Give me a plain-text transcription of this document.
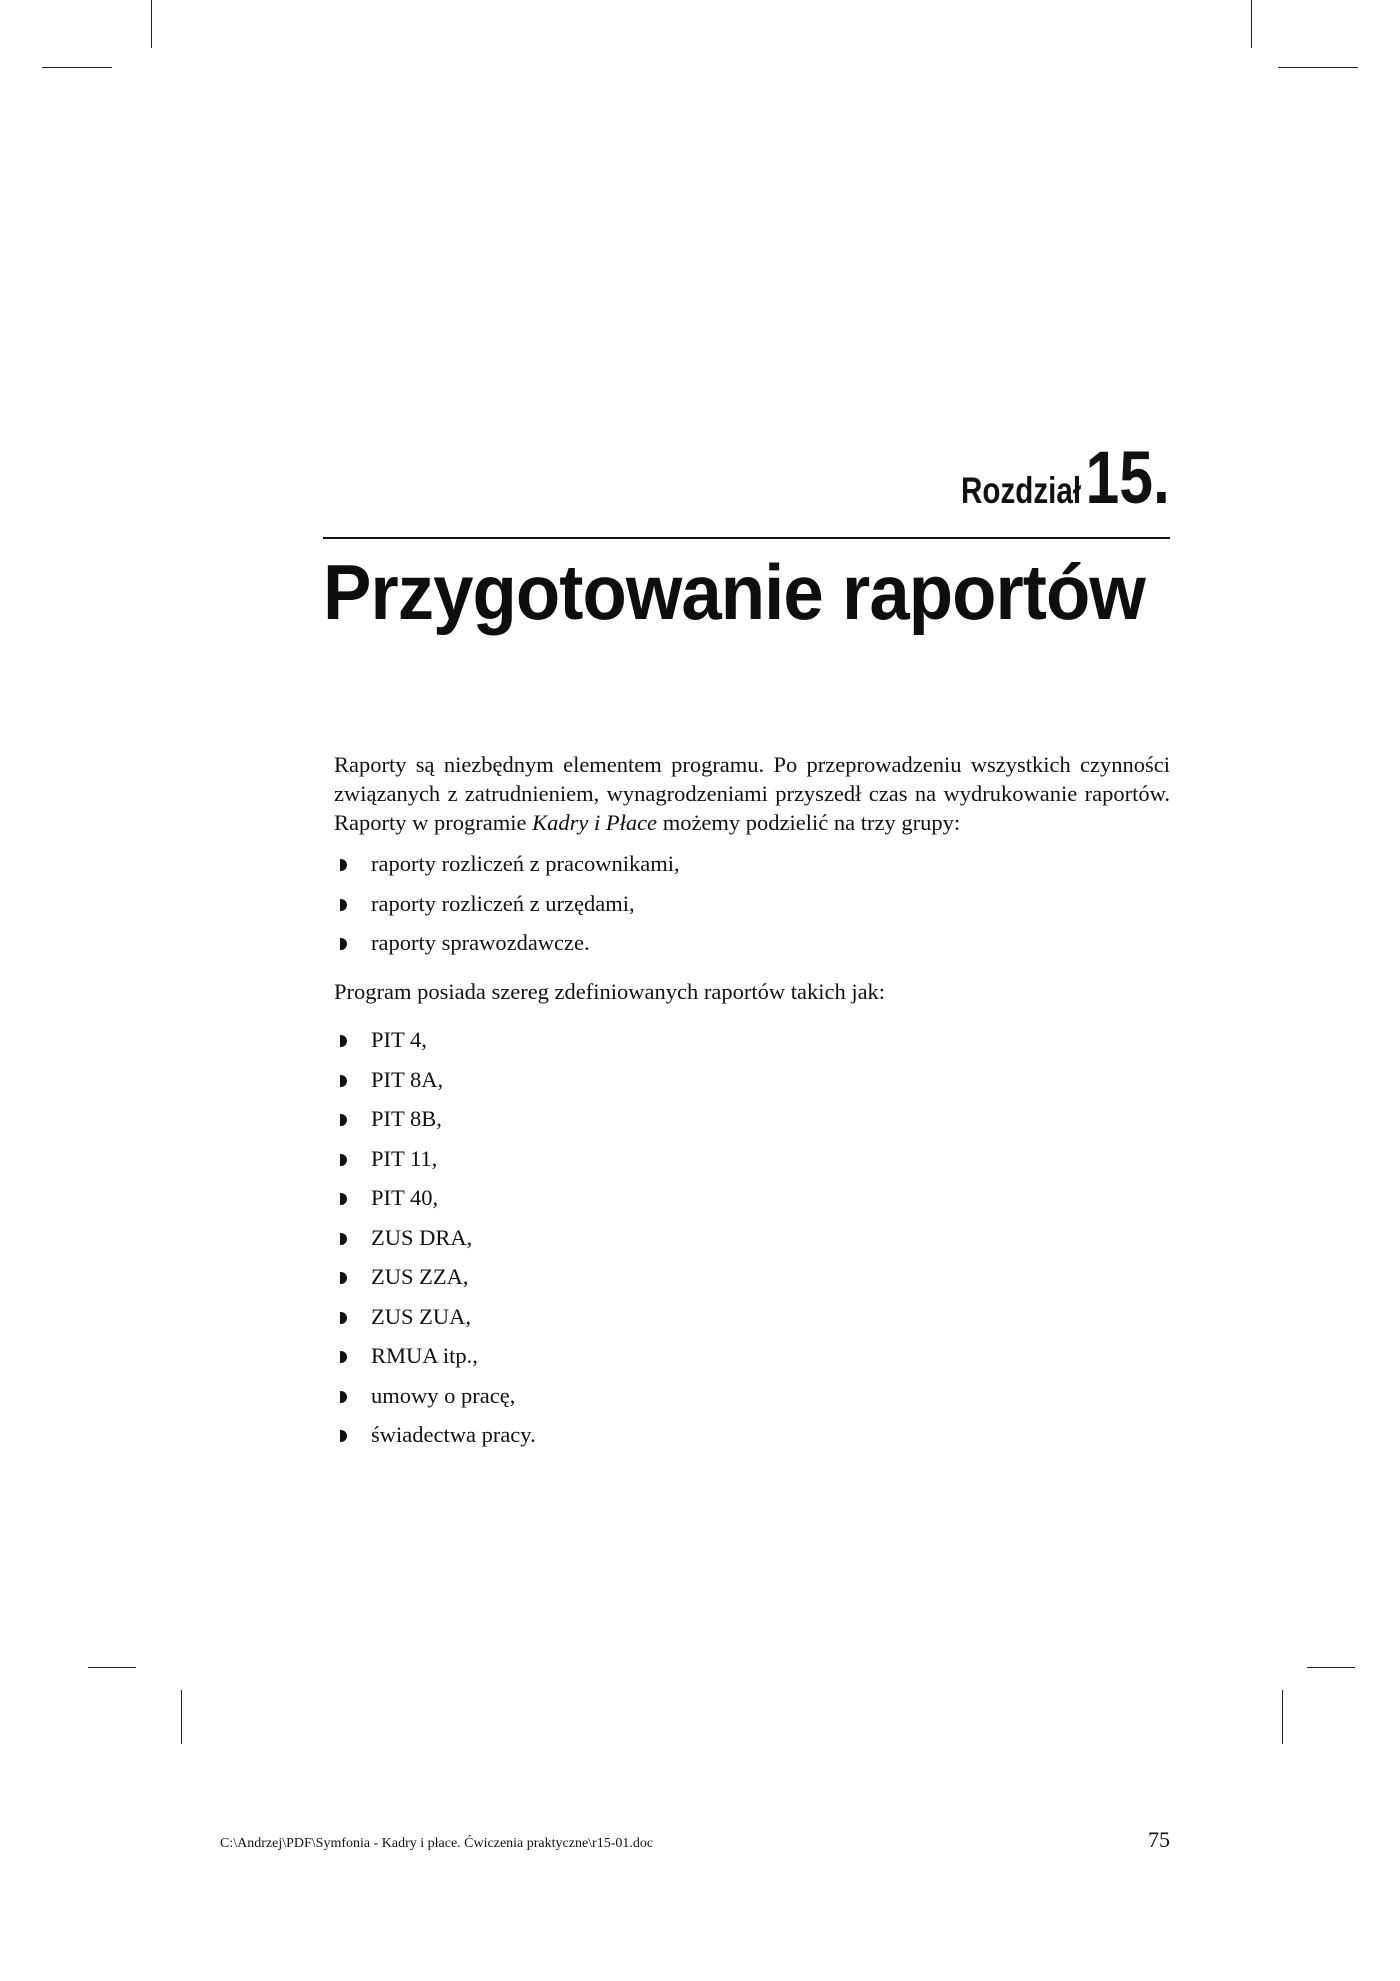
Rozdział 15.
Przygotowanie raportów

Raporty są niezbędnym elementem programu. Po przeprowadzeniu wszystkich czynności związanych z zatrudnieniem, wynagrodzeniami przyszedł czas na wydrukowanie raportów. Raporty w programie Kadry i Płace możemy podzielić na trzy grupy:

raporty rozliczeń z pracownikami,
raporty rozliczeń z urzędami,
raporty sprawozdawcze.

Program posiada szereg zdefiniowanych raportów takich jak:

PIT 4,
PIT 8A,
PIT 8B,
PIT 11,
PIT 40,
ZUS DRA,
ZUS ZZA,
ZUS ZUA,
RMUA itp.,
umowy o pracę,
świadectwa pracy.
C:\Andrzej\PDF\Symfonia - Kadry i płace. Ćwiczenia praktyczne\r15-01.doc	75
